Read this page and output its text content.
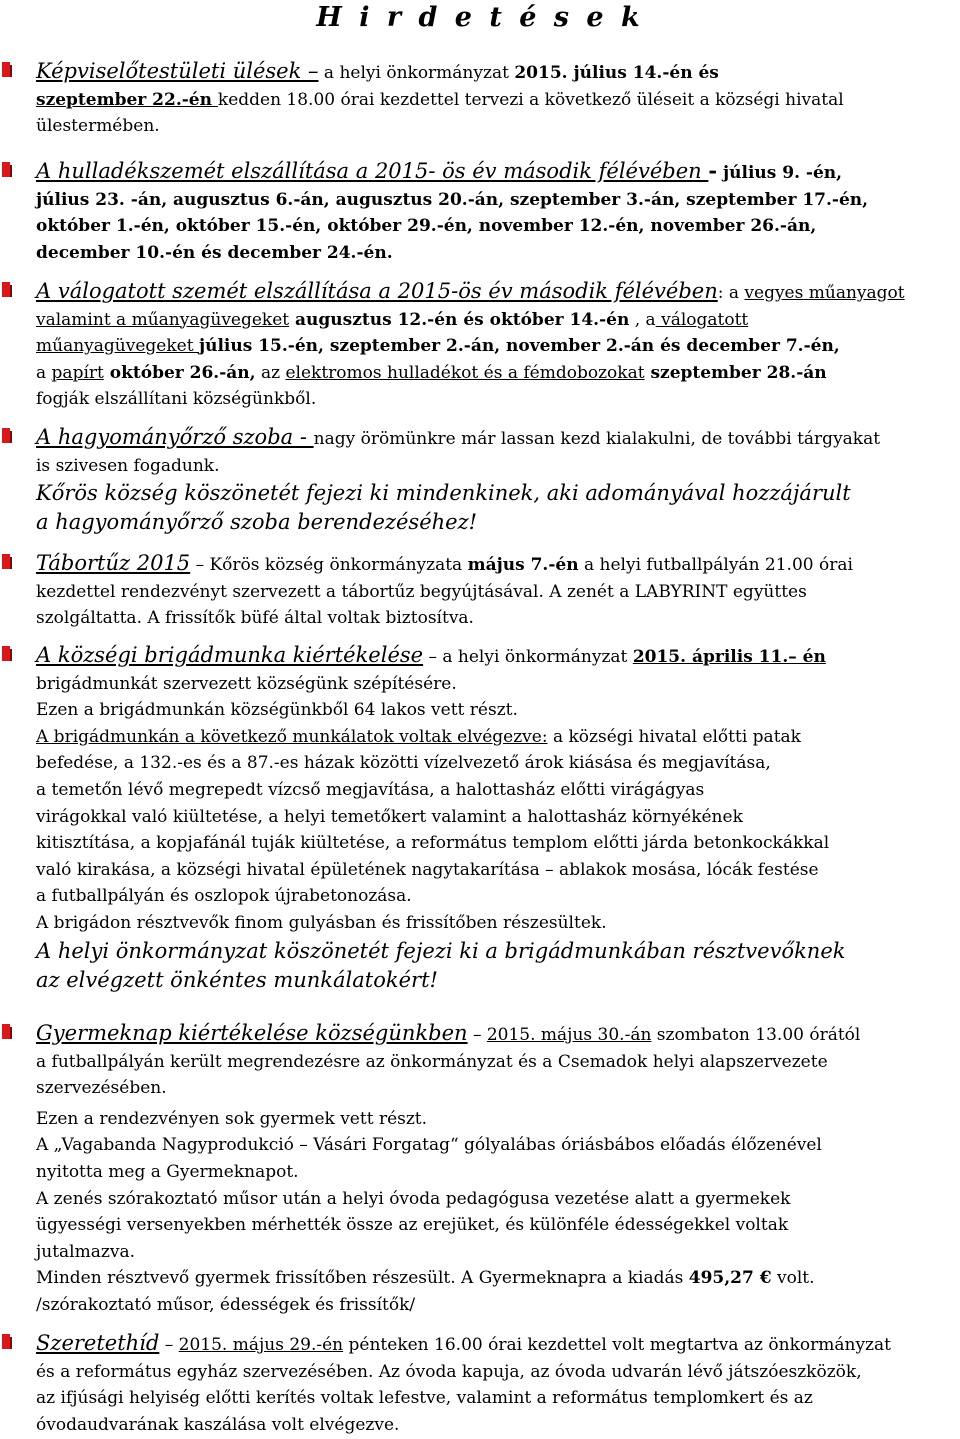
H i r d e t é s e k
Képviselőtestületi ülések – a helyi önkormányzat 2015. július 14.-én és
szeptember 22.-én kedden 18.00 órai kezdettel tervezi a következő üléseit a községi hivatal
ülestermében.
A hulladékszemét elszállítása a 2015- ös év második félévében - július 9. -én,
július 23. -án, augusztus 6.-án, augusztus 20.-án, szeptember 3.-án, szeptember 17.-én,
október 1.-én, október 15.-én, október 29.-én, november 12.-én, november 26.-án,
december 10.-én és december 24.-én.
A válogatott szemét elszállítása a 2015-ös év második félévében: a vegyes műanyagot
valamint a műanyagüvegeket augusztus 12.-én és október 14.-én , a válogatott
műanyagüvegeket július 15.-én, szeptember 2.-án, november 2.-án és december 7.-én,
a papírt október 26.-án, az elektromos hulladékot és a fémdobozokat szeptember 28.-án
fogják elszállítani községünkből.
A hagyományőrző szoba - nagy örömünkre már lassan kezd kialakulni, de további tárgyakat
is szivesen fogadunk.
Kőrös község köszönetét fejezi ki mindenkinek, aki adományával hozzájárult
a hagyományőrző szoba berendezéséhez!
Tábortűz 2015 – Kőrös község önkormányzata május 7.-én a helyi futballpályán 21.00 órai
kezdettel rendezvényt szervezett a tábortűz begyújtásával. A zenét a LABYRINT együttes
szolgáltatta. A frissítők büfé által voltak biztosítva.
A községi brigádmunka kiértékelése – a helyi önkormányzat 2015. április 11.– én
brigádmunkát szervezett községünk szépítésére.
Ezen a brigádmunkán községünkből 64 lakos vett részt.
A brigádmunkán a következő munkálatok voltak elvégezve: a községi hivatal előtti patak
befedése, a 132.-es és a 87.-es házak közötti vízelvezető árok kiásása és megjavítása,
a temetőn lévő megrepedt vízcső megjavítása, a halottasház előtti virágágyas
virágokkal való kiültetése, a helyi temetőkert valamint a halottasház környékének
kitisztítása, a kopjafánál tuják kiültetése, a református templom előtti járda betonkockákkal
való kirakása, a községi hivatal épületének nagytakarítása – ablakok mosása, lócák festése
a futballpályán és oszlopok újrabetonozása.
A brigádon résztvevők finom gulyásban és frissítőben részesültek.
A helyi önkormányzat köszönetét fejezi ki a brigádmunkában résztvevőknek
az elvégzett önkéntes munkálatokért!
Gyermeknap kiértékelése községünkben – 2015. május 30.-án szombaton 13.00 órától
a futballpályán került megrendezésre az önkormányzat és a Csemadok helyi alapszervezete
szervezésében.
Ezen a rendezvényen sok gyermek vett részt.
A „Vagabanda Nagyprodukció – Vásári Forgatag“ gólyalábas óriásbábos előadás élőzenével
nyitotta meg a Gyermeknapot.
A zenés szórakoztató műsor után a helyi óvoda pedagógusa vezetése alatt a gyermekek
ügyességi versenyekben mérhették össze az erejüket, és különféle édességekkel voltak
jutalmazva.
Minden résztvevő gyermek frissítőben részesült. A Gyermeknapra a kiadás 495,27 € volt.
/szórakoztató műsor, édességek és frissítők/
Szeretethíd – 2015. május 29.-én pénteken 16.00 órai kezdettel volt megtartva az önkormányzat
és a református egyház szervezésében. Az óvoda kapuja, az óvoda udvarán lévő játszóeszközök,
az ifjúsági helyiség előtti kerítés voltak lefestve, valamint a református templomkert és az
óvodaudvarának kaszálása volt elvégezve.
